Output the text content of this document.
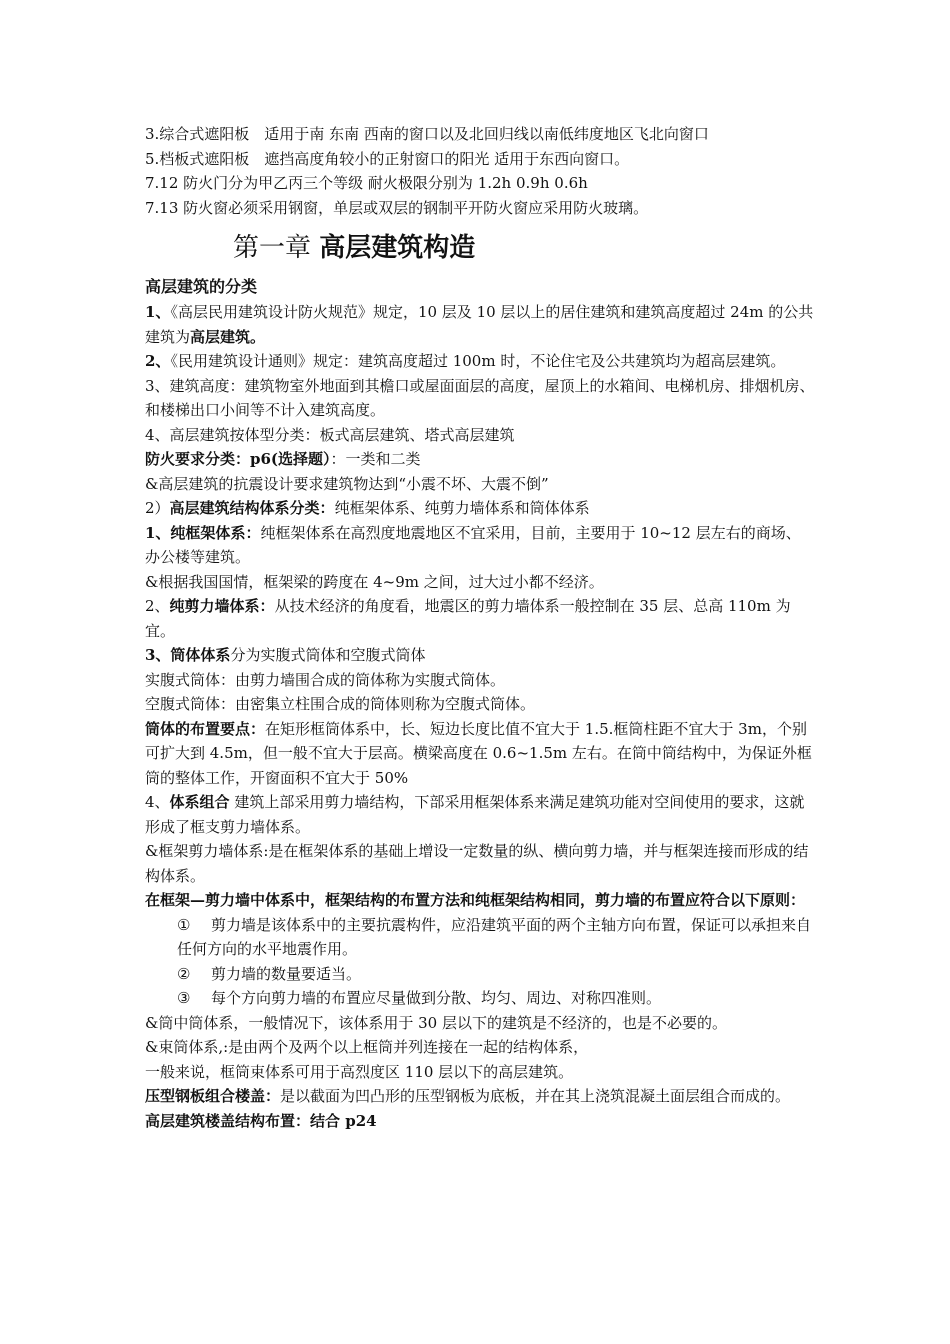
3.综合式遮阳板　适用于南 东南 西南的窗口以及北回归线以南低纬度地区飞北向窗口

5.档板式遮阳板　遮挡高度角较小的正射窗口的阳光 适用于东西向窗口。

7.12 防火门分为甲乙丙三个等级 耐火极限分别为 1.2h 0.9h 0.6h

7.13 防火窗必须采用钢窗，单层或双层的钢制平开防火窗应采用防火玻璃。

第一章 高层建筑构造

高层建筑的分类

1、《高层民用建筑设计防火规范》规定，10 层及 10 层以上的居住建筑和建筑高度超过 24m 的公共建筑为高层建筑。

2、《民用建筑设计通则》规定：建筑高度超过 100m 时，不论住宅及公共建筑均为超高层建筑。

3、建筑高度：建筑物室外地面到其檐口或屋面面层的高度，屋顶上的水箱间、电梯机房、排烟机房、和楼梯出口小间等不计入建筑高度。

4、高层建筑按体型分类：板式高层建筑、塔式高层建筑

防火要求分类：p6(选择题）：一类和二类

&高层建筑的抗震设计要求建筑物达到“小震不坏、大震不倒”

2）高层建筑结构体系分类：纯框架体系、纯剪力墙体系和筒体体系

1、纯框架体系：纯框架体系在高烈度地震地区不宜采用，目前，主要用于 10~12 层左右的商场、办公楼等建筑。

&根据我国国情，框架梁的跨度在 4~9m 之间，过大过小都不经济。

2、纯剪力墙体系：从技术经济的角度看，地震区的剪力墙体系一般控制在 35 层、总高 110m 为宜。

3、筒体体系分为实腹式筒体和空腹式筒体

实腹式筒体：由剪力墙围合成的筒体称为实腹式筒体。

空腹式筒体：由密集立柱围合成的筒体则称为空腹式筒体。

筒体的布置要点：在矩形框筒体系中，长、短边长度比值不宜大于 1.5.框筒柱距不宜大于 3m，个别可扩大到 4.5m，但一般不宜大于层高。横梁高度在 0.6~1.5m 左右。在筒中筒结构中，为保证外框筒的整体工作，开窗面积不宜大于 50%

4、体系组合 建筑上部采用剪力墙结构，下部采用框架体系来满足建筑功能对空间使用的要求，这就形成了框支剪力墙体系。

&框架剪力墙体系:是在框架体系的基础上增设一定数量的纵、横向剪力墙，并与框架连接而形成的结构体系。

在框架—剪力墙中体系中，框架结构的布置方法和纯框架结构相同，剪力墙的布置应符合以下原则：

① 剪力墙是该体系中的主要抗震构件，应沿建筑平面的两个主轴方向布置，保证可以承担来自任何方向的水平地震作用。

② 剪力墙的数量要适当。

③ 每个方向剪力墙的布置应尽量做到分散、均匀、周边、对称四准则。

&筒中筒体系，一般情况下，该体系用于 30 层以下的建筑是不经济的，也是不必要的。

&束筒体系,:是由两个及两个以上框筒并列连接在一起的结构体系，

一般来说，框筒束体系可用于高烈度区 110 层以下的高层建筑。

压型钢板组合楼盖：是以截面为凹凸形的压型钢板为底板，并在其上浇筑混凝土面层组合而成的。

高层建筑楼盖结构布置：结合 p24
